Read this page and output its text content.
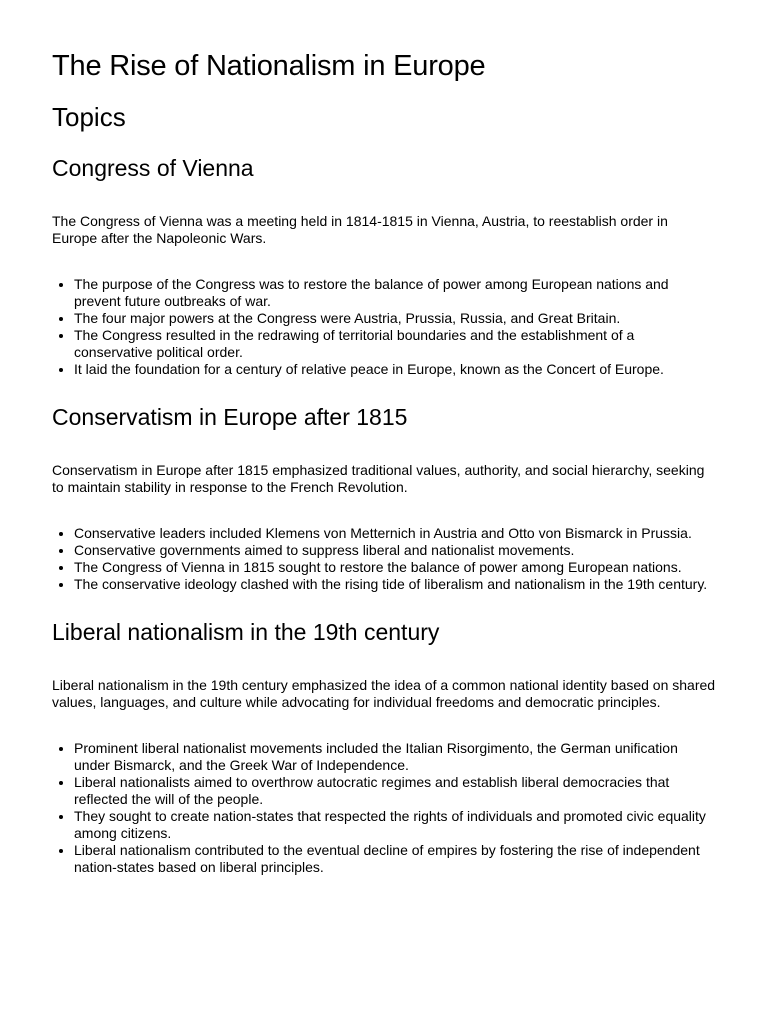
The Rise of Nationalism in Europe
Topics
Congress of Vienna

The Congress of Vienna was a meeting held in 1814-1815 in Vienna, Austria, to reestablish order in Europe after the Napoleonic Wars.

• The purpose of the Congress was to restore the balance of power among European nations and prevent future outbreaks of war.
• The four major powers at the Congress were Austria, Prussia, Russia, and Great Britain.
• The Congress resulted in the redrawing of territorial boundaries and the establishment of a conservative political order.
• It laid the foundation for a century of relative peace in Europe, known as the Concert of Europe.
Conservatism in Europe after 1815

Conservatism in Europe after 1815 emphasized traditional values, authority, and social hierarchy, seeking to maintain stability in response to the French Revolution.

• Conservative leaders included Klemens von Metternich in Austria and Otto von Bismarck in Prussia.
• Conservative governments aimed to suppress liberal and nationalist movements.
• The Congress of Vienna in 1815 sought to restore the balance of power among European nations.
• The conservative ideology clashed with the rising tide of liberalism and nationalism in the 19th century.
Liberal nationalism in the 19th century

Liberal nationalism in the 19th century emphasized the idea of a common national identity based on shared values, languages, and culture while advocating for individual freedoms and democratic principles.

• Prominent liberal nationalist movements included the Italian Risorgimento, the German unification under Bismarck, and the Greek War of Independence.
• Liberal nationalists aimed to overthrow autocratic regimes and establish liberal democracies that reflected the will of the people.
• They sought to create nation-states that respected the rights of individuals and promoted civic equality among citizens.
• Liberal nationalism contributed to the eventual decline of empires by fostering the rise of independent nation-states based on liberal principles.
